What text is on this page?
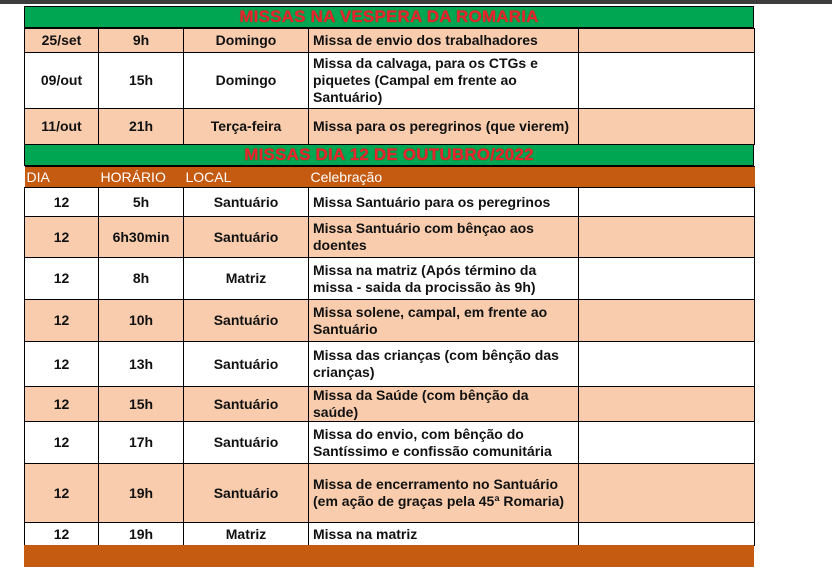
MISSAS NA VESPERA DA ROMARIA
25/set	9h	Domingo	Missa de envio dos trabalhadores	
09/out	15h	Domingo	Missa da calvaga, para os CTGs e piquetes (Campal em frente ao Santuário)	
11/out	21h	Terça-feira	Missa para os peregrinos (que vierem)	
MISSAS DIA 12 DE OUTUBRO/2022
DIA	HORÁRIO	LOCAL	Celebração	
12	5h	Santuário	Missa Santuário para os peregrinos	
12	6h30min	Santuário	Missa Santuário com bênçao aos doentes	
12	8h	Matriz	Missa na matriz (Após término da missa - saida da procissão às 9h)	
12	10h	Santuário	Missa solene, campal, em frente ao Santuário	
12	13h	Santuário	Missa das crianças (com bênção das crianças)	
12	15h	Santuário	Missa da Saúde (com bênção da saúde)	
12	17h	Santuário	Missa do envio, com bênção do Santíssimo e confissão comunitária	
12	19h	Santuário	Missa de encerramento no Santuário (em ação de graças pela 45ª Romaria)	
12	19h	Matriz	Missa na matriz	
